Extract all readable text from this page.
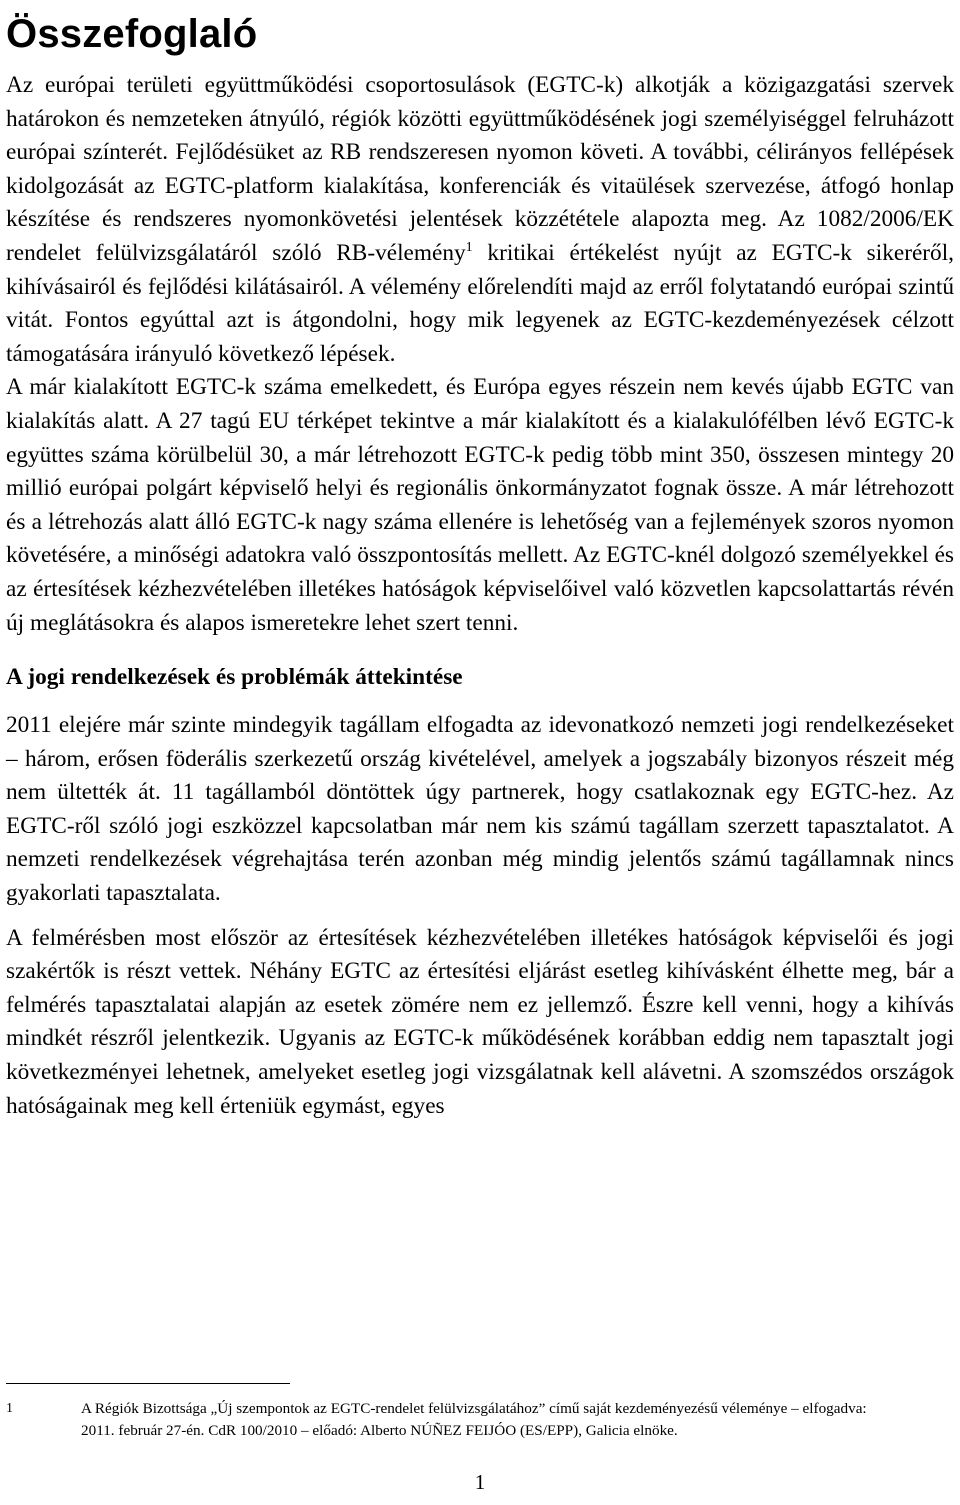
Összefoglaló

Az európai területi együttműködési csoportosulások (EGTC-k) alkotják a közigazgatási szervek határokon és nemzeteken átnyúló, régiók közötti együttműködésének jogi személyiséggel felruházott európai színterét. Fejlődésüket az RB rendszeresen nyomon követi. A további, célirányos fellépések kidolgozását az EGTC-platform kialakítása, konferenciák és vitaülések szervezése, átfogó honlap készítése és rendszeres nyomonkövetési jelentések közzététele alapozta meg. Az 1082/2006/EK rendelet felülvizsgálatáról szóló RB-vélemény$^1$ kritikai értékelést nyújt az EGTC-k sikeréről, kihívásairól és fejlődési kilátásairól. A vélemény előrelendíti majd az erről folytatandó európai szintű vitát. Fontos egyúttal azt is átgondolni, hogy mik legyenek az EGTC-kezdeményezések célzott támogatására irányuló következő lépések.

A már kialakított EGTC-k száma emelkedett, és Európa egyes részein nem kevés újabb EGTC van kialakítás alatt. A 27 tagú EU térképet tekintve a már kialakított és a kialakulófélben lévő EGTC-k együttes száma körülbelül 30, a már létrehozott EGTC-k pedig több mint 350, összesen mintegy 20 millió európai polgárt képviselő helyi és regionális önkormányzatot fognak össze. A már létrehozott és a létrehozás alatt álló EGTC-k nagy száma ellenére is lehetőség van a fejlemények szoros nyomon követésére, a minőségi adatokra való összpontosítás mellett. Az EGTC-knél dolgozó személyekkel és az értesítések kézhezvételében illetékes hatóságok képviselőivel való közvetlen kapcsolattartás révén új meglátásokra és alapos ismeretekre lehet szert tenni.

A jogi rendelkezések és problémák áttekintése

2011 elejére már szinte mindegyik tagállam elfogadta az idevonatkozó nemzeti jogi rendelkezéseket ‒ három, erősen föderális szerkezetű ország kivételével, amelyek a jogszabály bizonyos részeit még nem ültették át. 11 tagállamból döntöttek úgy partnerek, hogy csatlakoznak egy EGTC-hez. Az EGTC-ről szóló jogi eszközzel kapcsolatban már nem kis számú tagállam szerzett tapasztalatot. A nemzeti rendelkezések végrehajtása terén azonban még mindig jelentős számú tagállamnak nincs gyakorlati tapasztalata.

A felmérésben most először az értesítések kézhezvételében illetékes hatóságok képviselői és jogi szakértők is részt vettek. Néhány EGTC az értesítési eljárást esetleg kihívásként élhette meg, bár a felmérés tapasztalatai alapján az esetek zömére nem ez jellemző. Észre kell venni, hogy a kihívás mindkét részről jelentkezik. Ugyanis az EGTC-k működésének korábban eddig nem tapasztalt jogi következményei lehetnek, amelyeket esetleg jogi vizsgálatnak kell alávetni. A szomszédos országok hatóságainak meg kell érteniük egymást, egyes

1	A Régiók Bizottsága „Új szempontok az EGTC-rendelet felülvizsgálatához” című saját kezdeményezésű véleménye – elfogadva:
2011. február 27-én. CdR 100/2010 – előadó: Alberto NÚÑEZ FEIJÓO (ES/EPP), Galicia elnöke.
1
